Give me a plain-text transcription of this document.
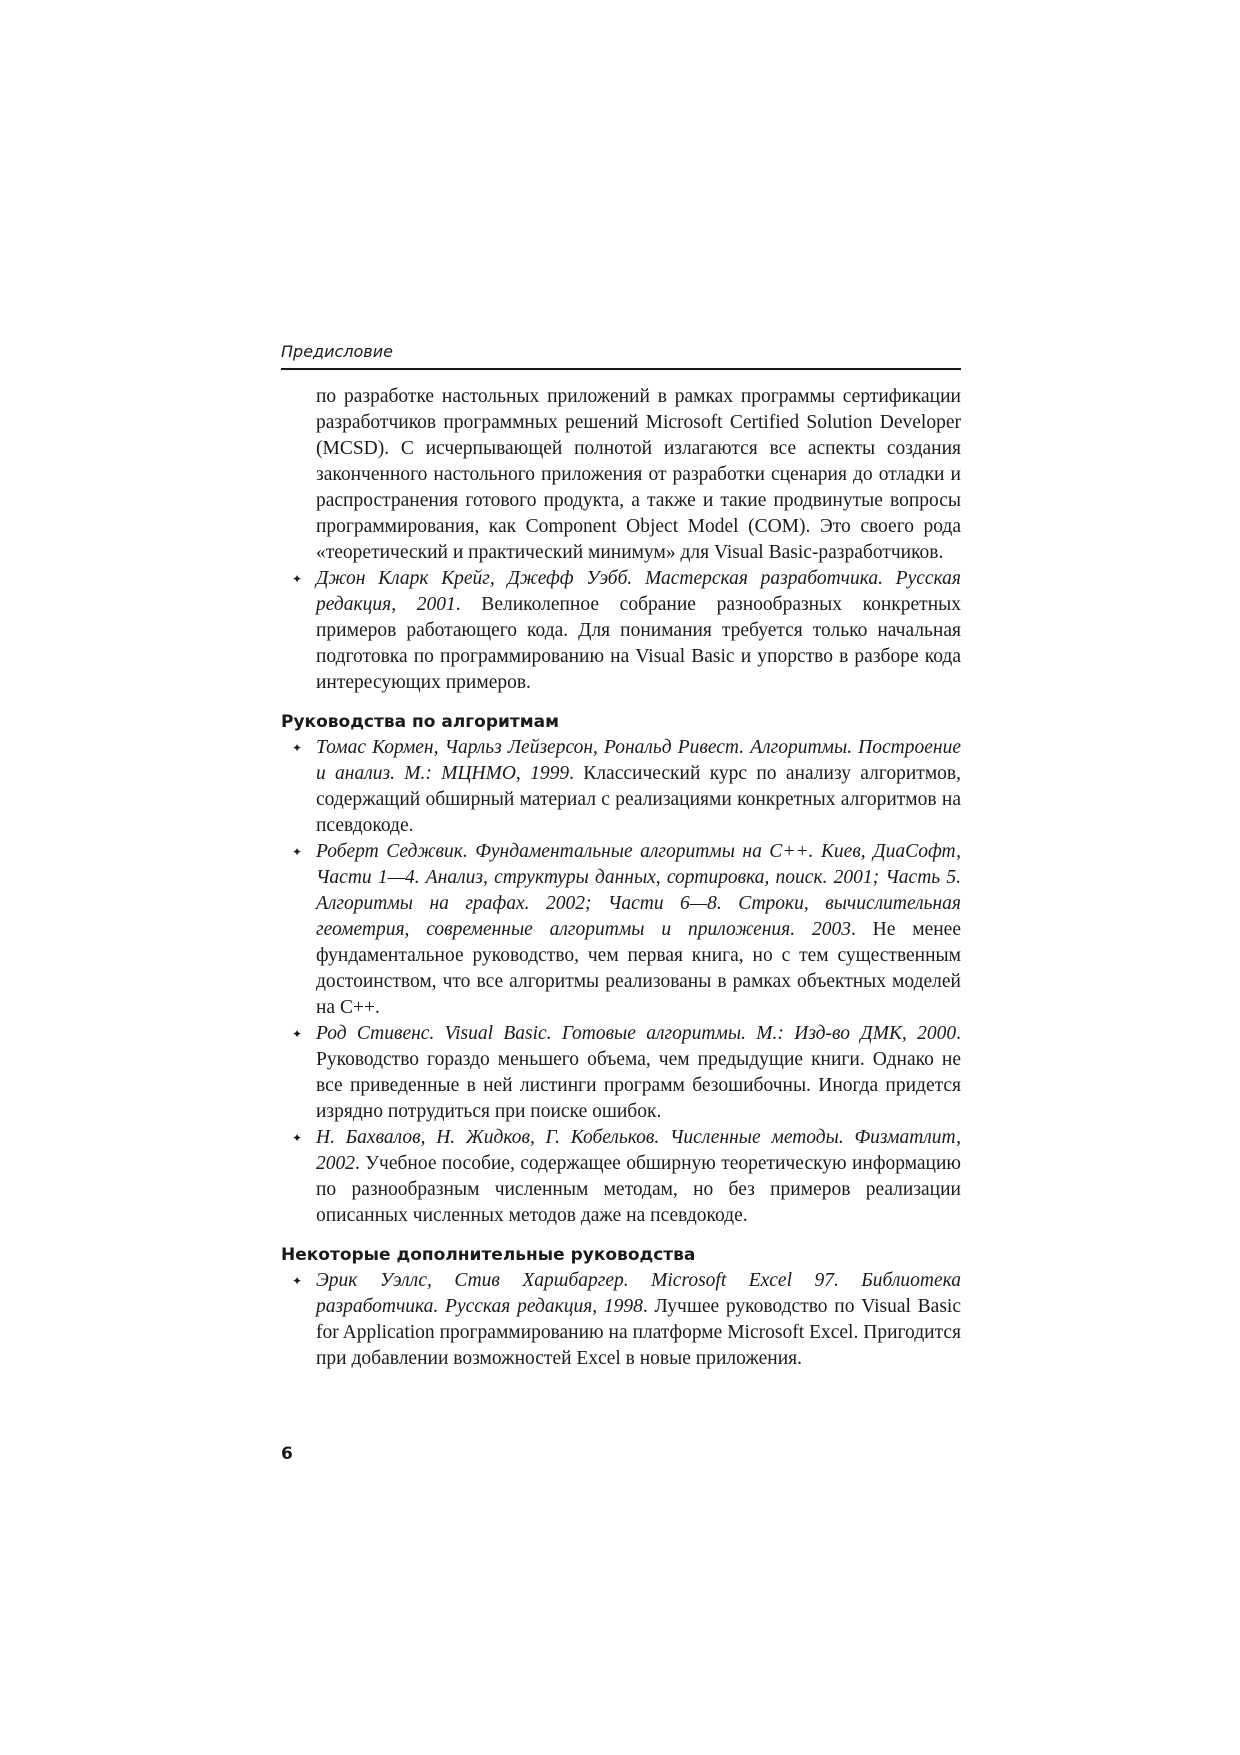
Предисловие

по разработке настольных приложений в рамках программы сертификации разработчиков программных решений Microsoft Certified Solution Developer (MCSD). С исчерпывающей полнотой излагаются все аспекты создания законченного настольного приложения от разработки сценария до отладки и распространения готового продукта, а также и такие продвинутые вопросы программирования, как Component Object Model (COM). Это своего рода «теоретический и практический минимум» для Visual Basic-разработчиков.

✦ Джон Кларк Крейг, Джефф Уэбб. Мастерская разработчика. Русская редакция, 2001. Великолепное собрание разнообразных конкретных примеров работающего кода. Для понимания требуется только начальная подготовка по программированию на Visual Basic и упорство в разборе кода интересующих примеров.
Руководства по алгоритмам
✦ Томас Кормен, Чарльз Лейзерсон, Рональд Ривест. Алгоритмы. Построение и анализ. М.: МЦНМО, 1999. Классический курс по анализу алгоритмов, содержащий обширный материал с реализациями конкретных алгоритмов на псевдокоде.
✦ Роберт Седжвик. Фундаментальные алгоритмы на C++. Киев, ДиаСофт, Части 1—4. Анализ, структуры данных, сортировка, поиск. 2001; Часть 5. Алгоритмы на графах. 2002; Части 6—8. Строки, вычислительная геометрия, современные алгоритмы и приложения. 2003. Не менее фундаментальное руководство, чем первая книга, но с тем существенным достоинством, что все алгоритмы реализованы в рамках объектных моделей на C++.
✦ Род Стивенс. Visual Basic. Готовые алгоритмы. М.: Изд-во ДМК, 2000. Руководство гораздо меньшего объема, чем предыдущие книги. Однако не все приведенные в ней листинги программ безошибочны. Иногда придется изрядно потрудиться при поиске ошибок.
✦ Н. Бахвалов, Н. Жидков, Г. Кобельков. Численные методы. Физматлит, 2002. Учебное пособие, содержащее обширную теоретическую информацию по разнообразным численным методам, но без примеров реализации описанных численных методов даже на псевдокоде.
Некоторые дополнительные руководства
✦ Эрик Уэллс, Стив Харшбаргер. Microsoft Excel 97. Библиотека разработчика. Русская редакция, 1998. Лучшее руководство по Visual Basic for Application программированию на платформе Microsoft Excel. Пригодится при добавлении возможностей Excel в новые приложения.
6
